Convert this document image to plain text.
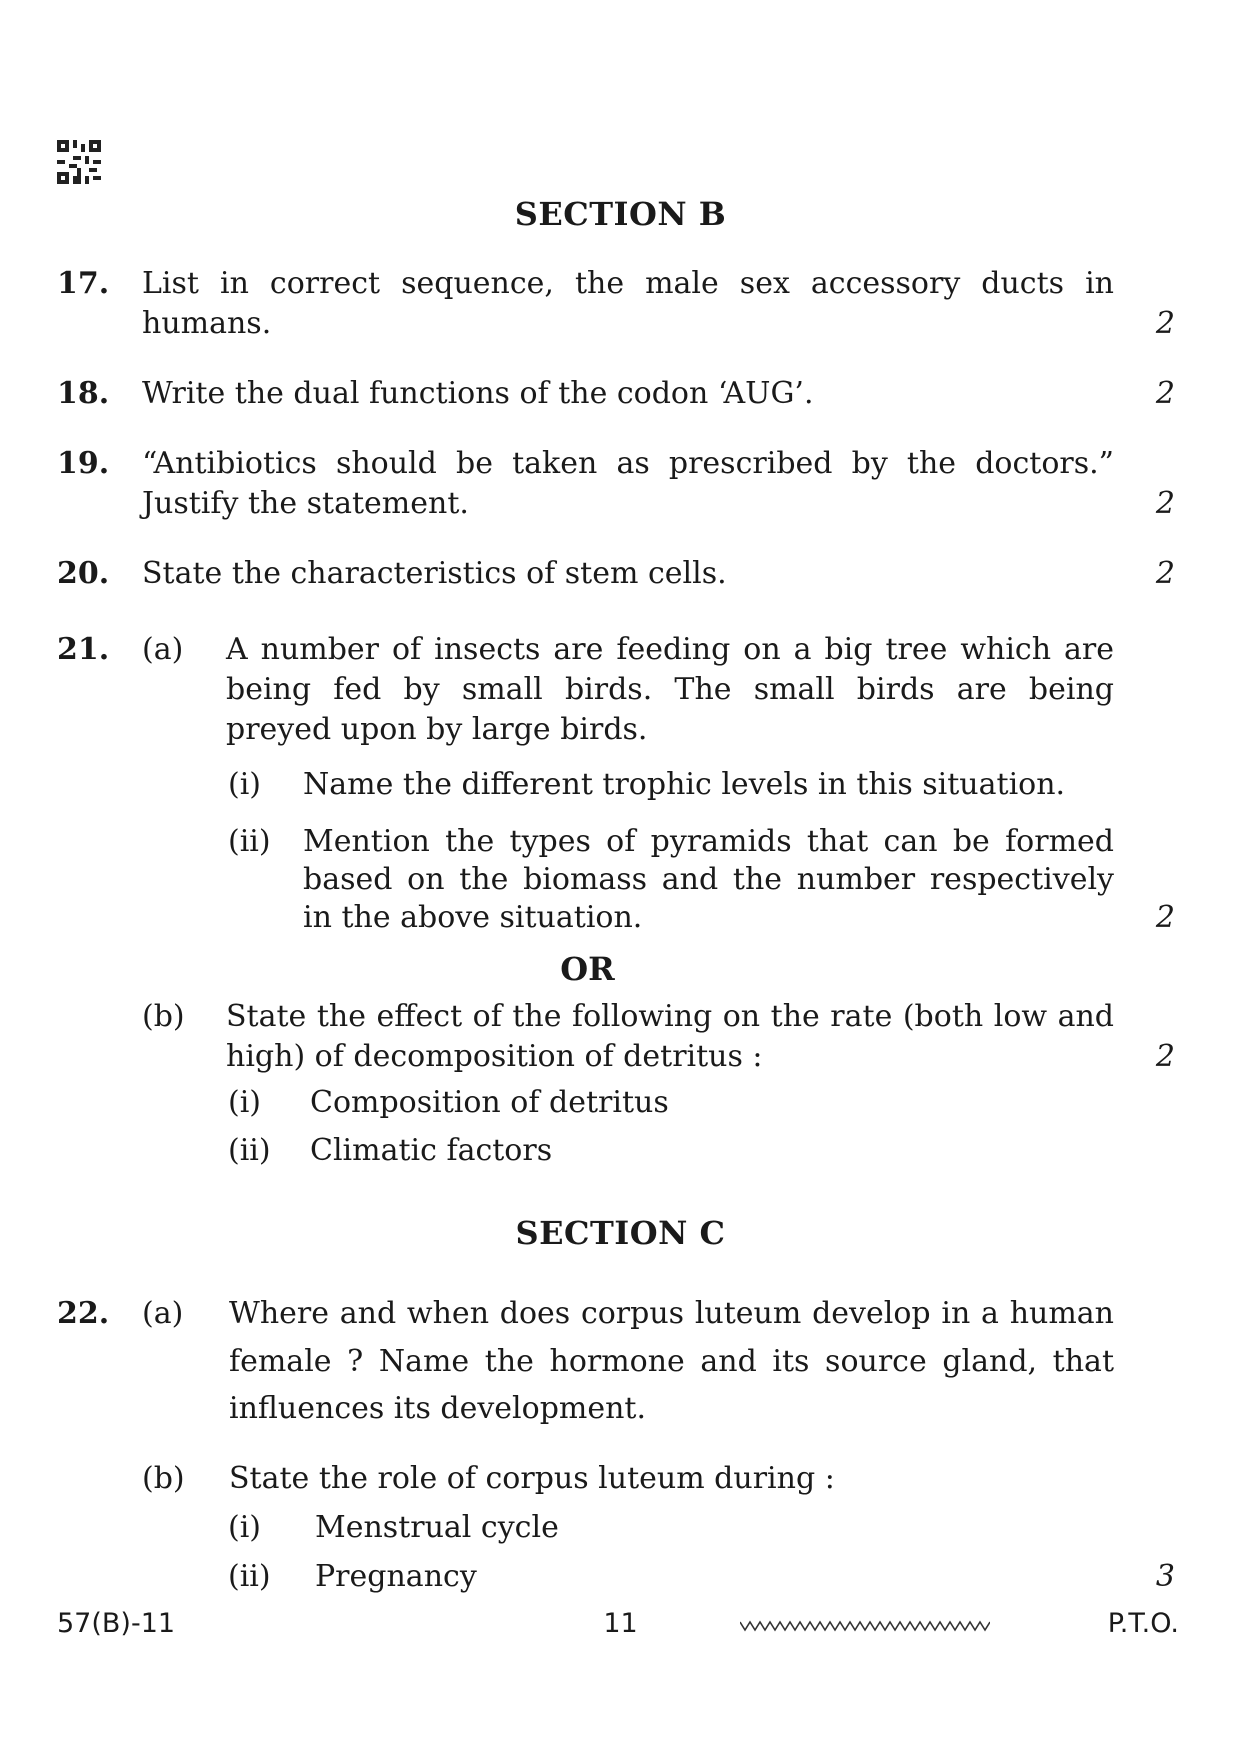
SECTION B
17. List in correct sequence, the male sex accessory ducts in
humans.	2
18. Write the dual functions of the codon ‘AUG’.	2
19. “Antibiotics should be taken as prescribed by the doctors.”
Justify the statement.	2
20. State the characteristics of stem cells.	2
21. (a) A number of insects are feeding on a big tree which are
being fed by small birds. The small birds are being
preyed upon by large birds.
(i) Name the different trophic levels in this situation.
(ii) Mention the types of pyramids that can be formed
based on the biomass and the number respectively
in the above situation.	2
OR
(b) State the effect of the following on the rate (both low and
high) of decomposition of detritus :	2
(i) Composition of detritus
(ii) Climatic factors
SECTION C
22. (a) Where and when does corpus luteum develop in a human
female ? Name the hormone and its source gland, that
influences its development.
(b) State the role of corpus luteum during :
(i) Menstrual cycle
(ii) Pregnancy	3
57(B)-11	11	P.T.O.
